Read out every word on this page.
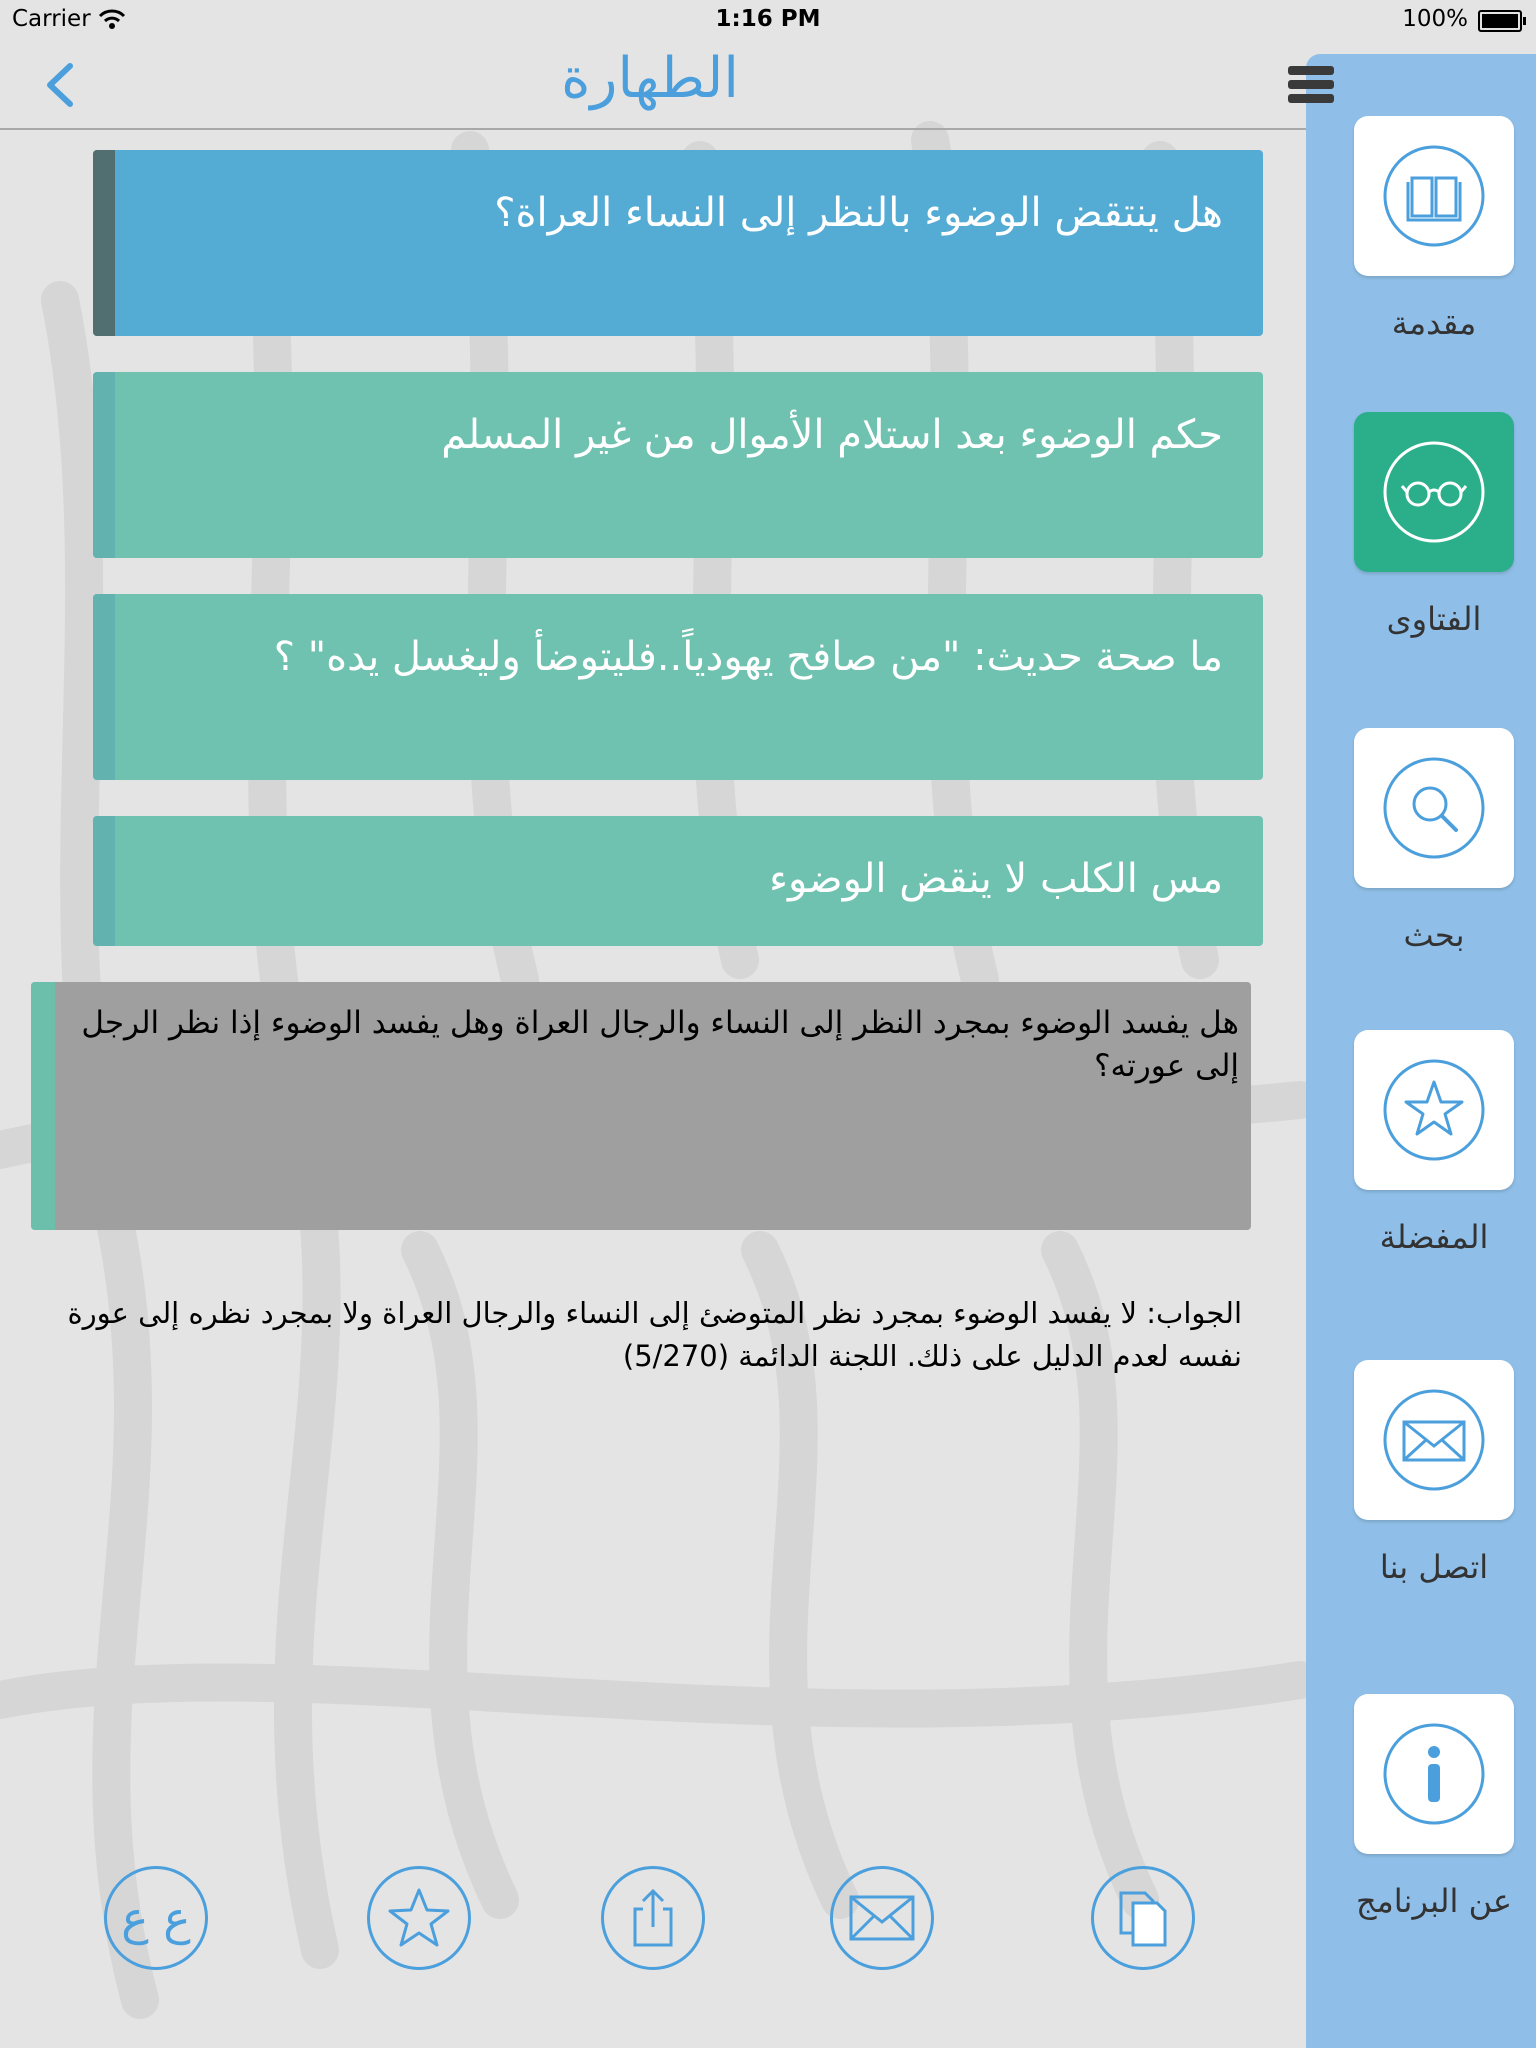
Carrier	1:16 PM	100%
الطهارة
هل ينتقض الوضوء بالنظر إلى النساء العراة؟
حكم الوضوء بعد استلام الأموال من غير المسلم
ما صحة حديث: "من صافح يهودياً..فليتوضأ وليغسل يده" ؟
مس الكلب لا ينقض الوضوء
هل يفسد الوضوء بمجرد النظر إلى النساء والرجال العراة وهل يفسد الوضوء إذا نظر الرجل إلى عورته؟
الجواب: لا يفسد الوضوء بمجرد نظر المتوضئ إلى النساء والرجال العراة ولا بمجرد نظره إلى عورة نفسه لعدم الدليل على ذلك. اللجنة الدائمة (5/270)
ع ع
مقدمة
الفتاوى
بحث
المفضلة
اتصل بنا
عن البرنامج
